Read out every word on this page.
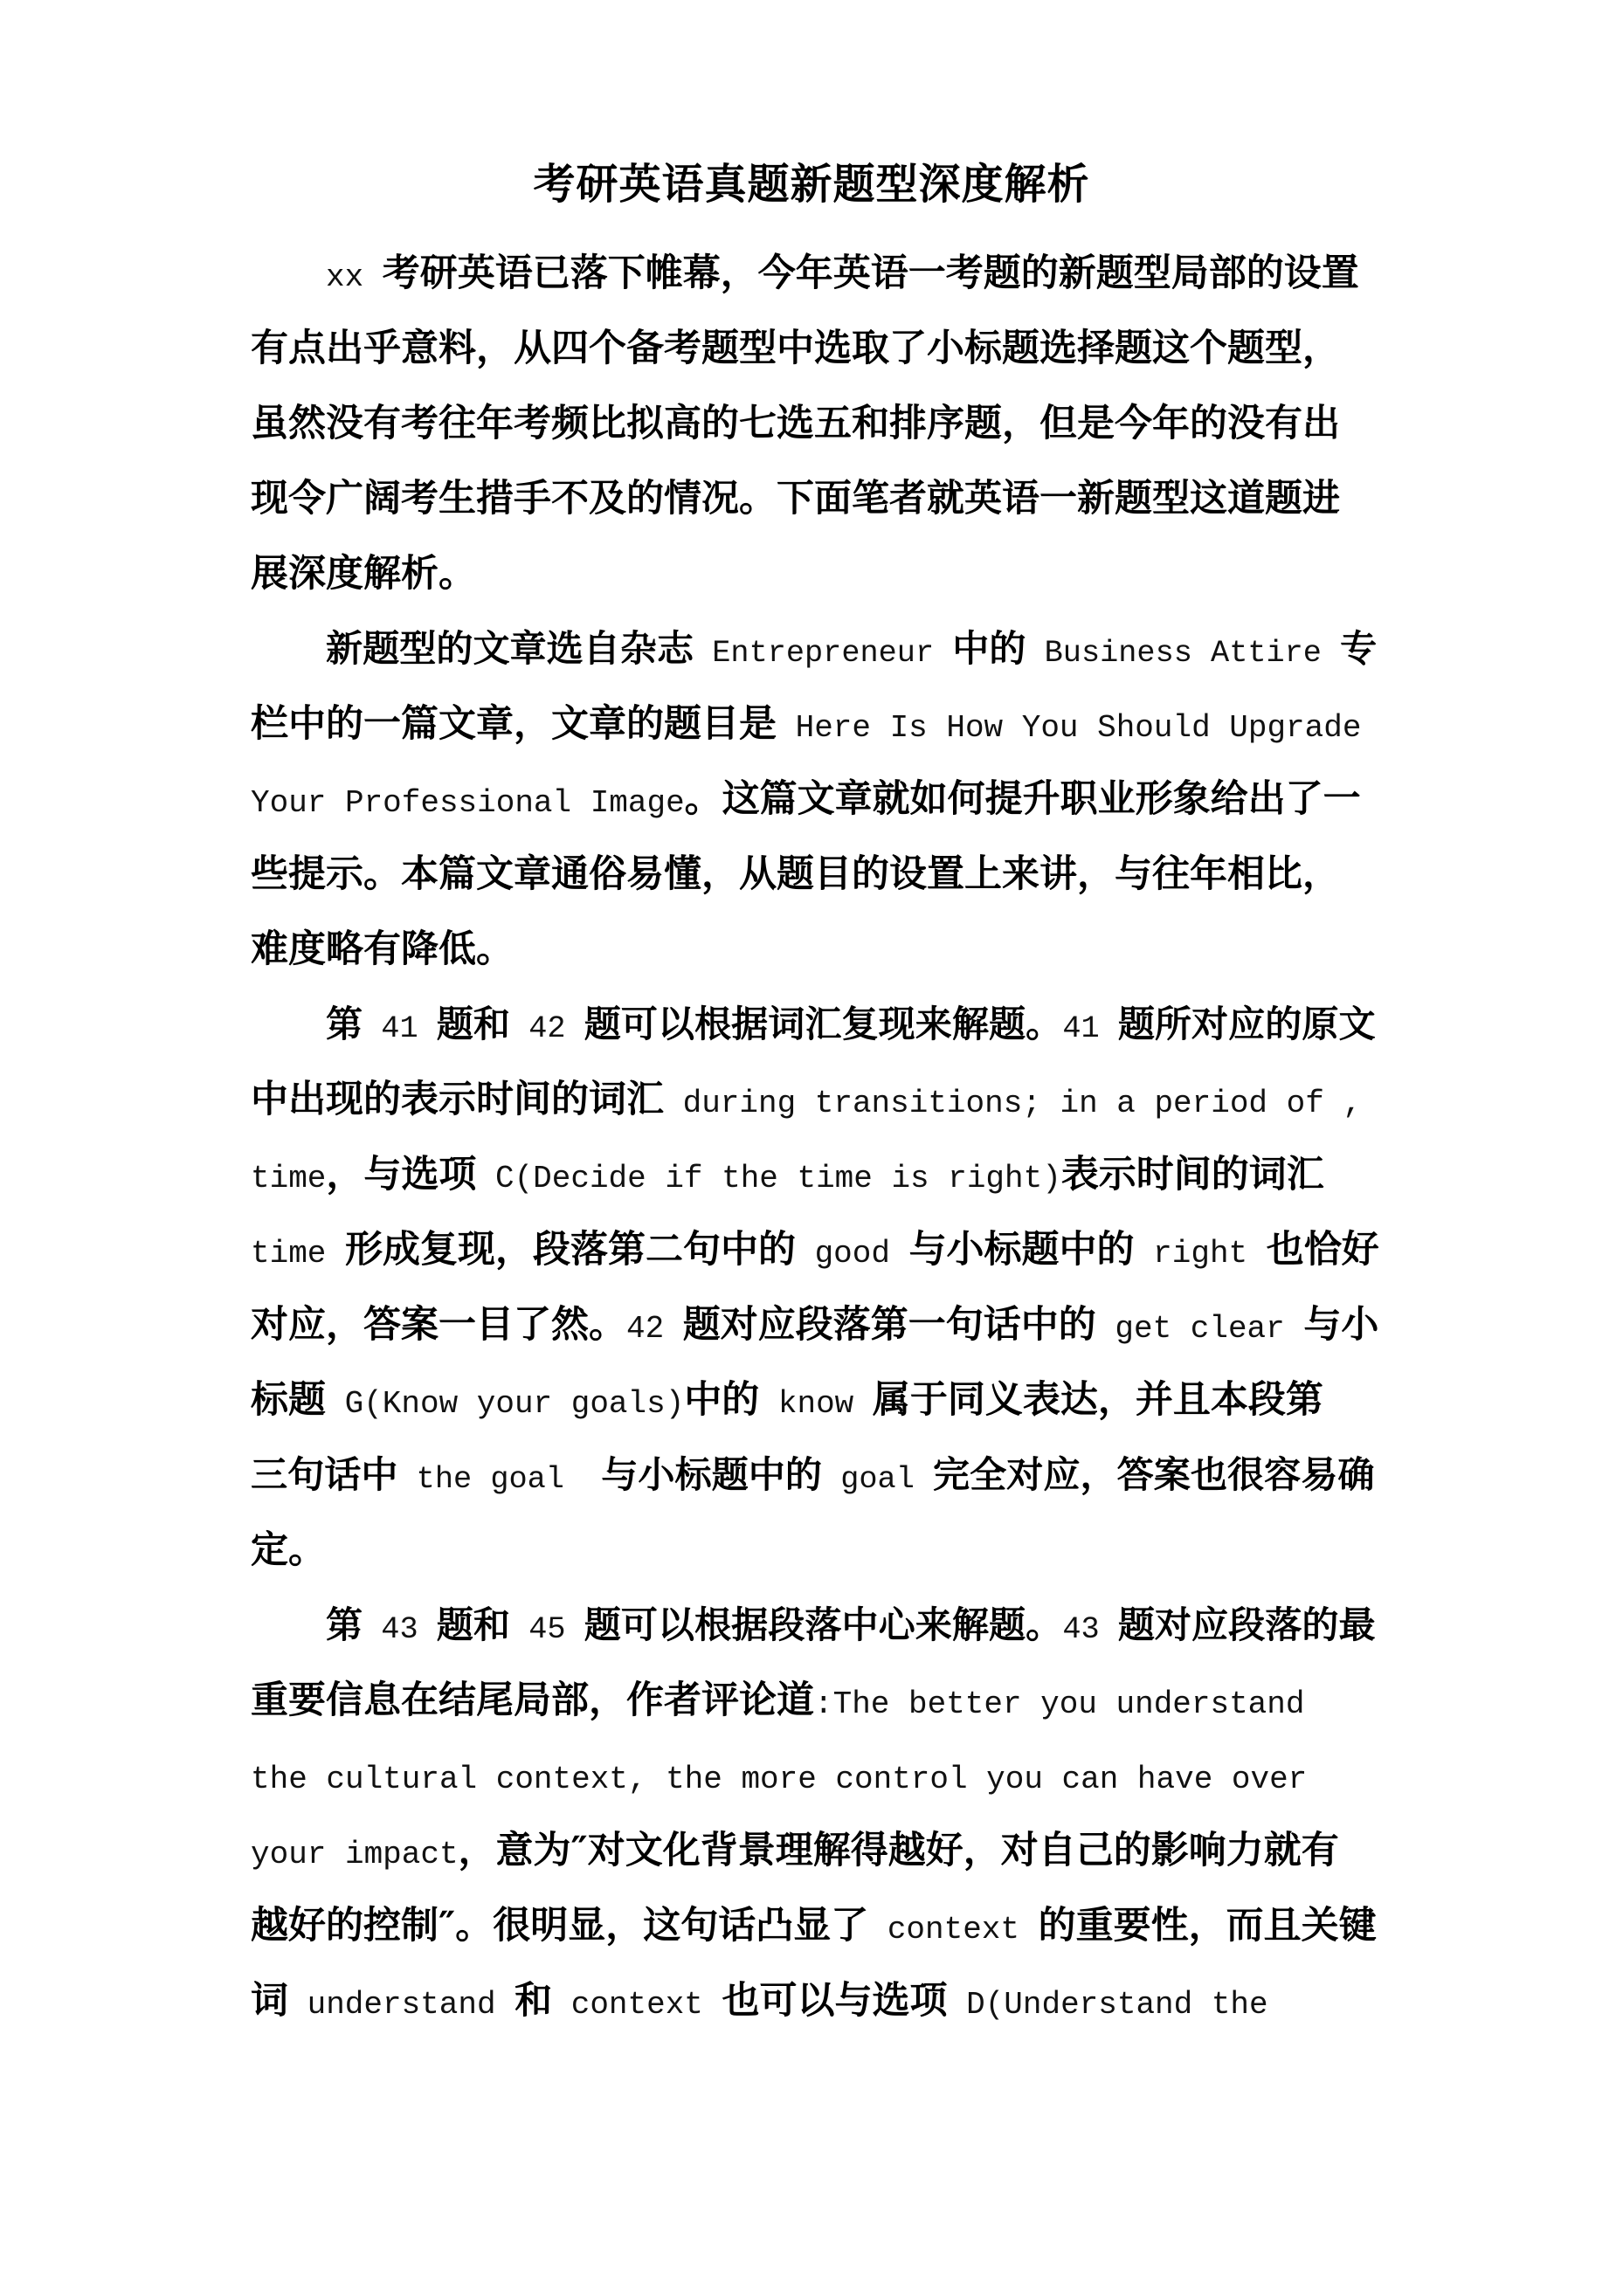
考研英语真题新题型深度解析
xx 考研英语已落下帷幕，今年英语一考题的新题型局部的设置
有点出乎意料，从四个备考题型中选取了小标题选择题这个题型，
虽然没有考往年考频比拟高的七选五和排序题，但是今年的没有出
现令广阔考生措手不及的情况。下面笔者就英语一新题型这道题进
展深度解析。
新题型的文章选自杂志 Entrepreneur 中的 Business Attire 专
栏中的一篇文章，文章的题目是 Here Is How You Should Upgrade
Your Professional Image。这篇文章就如何提升职业形象给出了一
些提示。本篇文章通俗易懂，从题目的设置上来讲，与往年相比，
难度略有降低。
第 41 题和 42 题可以根据词汇复现来解题。41 题所对应的原文
中出现的表示时间的词汇 during transitions; in a period of ,
time，与选项 C(Decide if the time is right)表示时间的词汇
time 形成复现，段落第二句中的 good 与小标题中的 right 也恰好
对应，答案一目了然。42 题对应段落第一句话中的 get clear 与小
标题 G(Know your goals)中的 know 属于同义表达，并且本段第
三句话中 the goal  与小标题中的 goal 完全对应，答案也很容易确
定。
第 43 题和 45 题可以根据段落中心来解题。43 题对应段落的最
重要信息在结尾局部，作者评论道:The better you understand
the cultural context, the more control you can have over
your impact，意为″对文化背景理解得越好，对自己的影响力就有
越好的控制″。很明显，这句话凸显了 context 的重要性，而且关键
词 understand 和 context 也可以与选项 D(Understand the
